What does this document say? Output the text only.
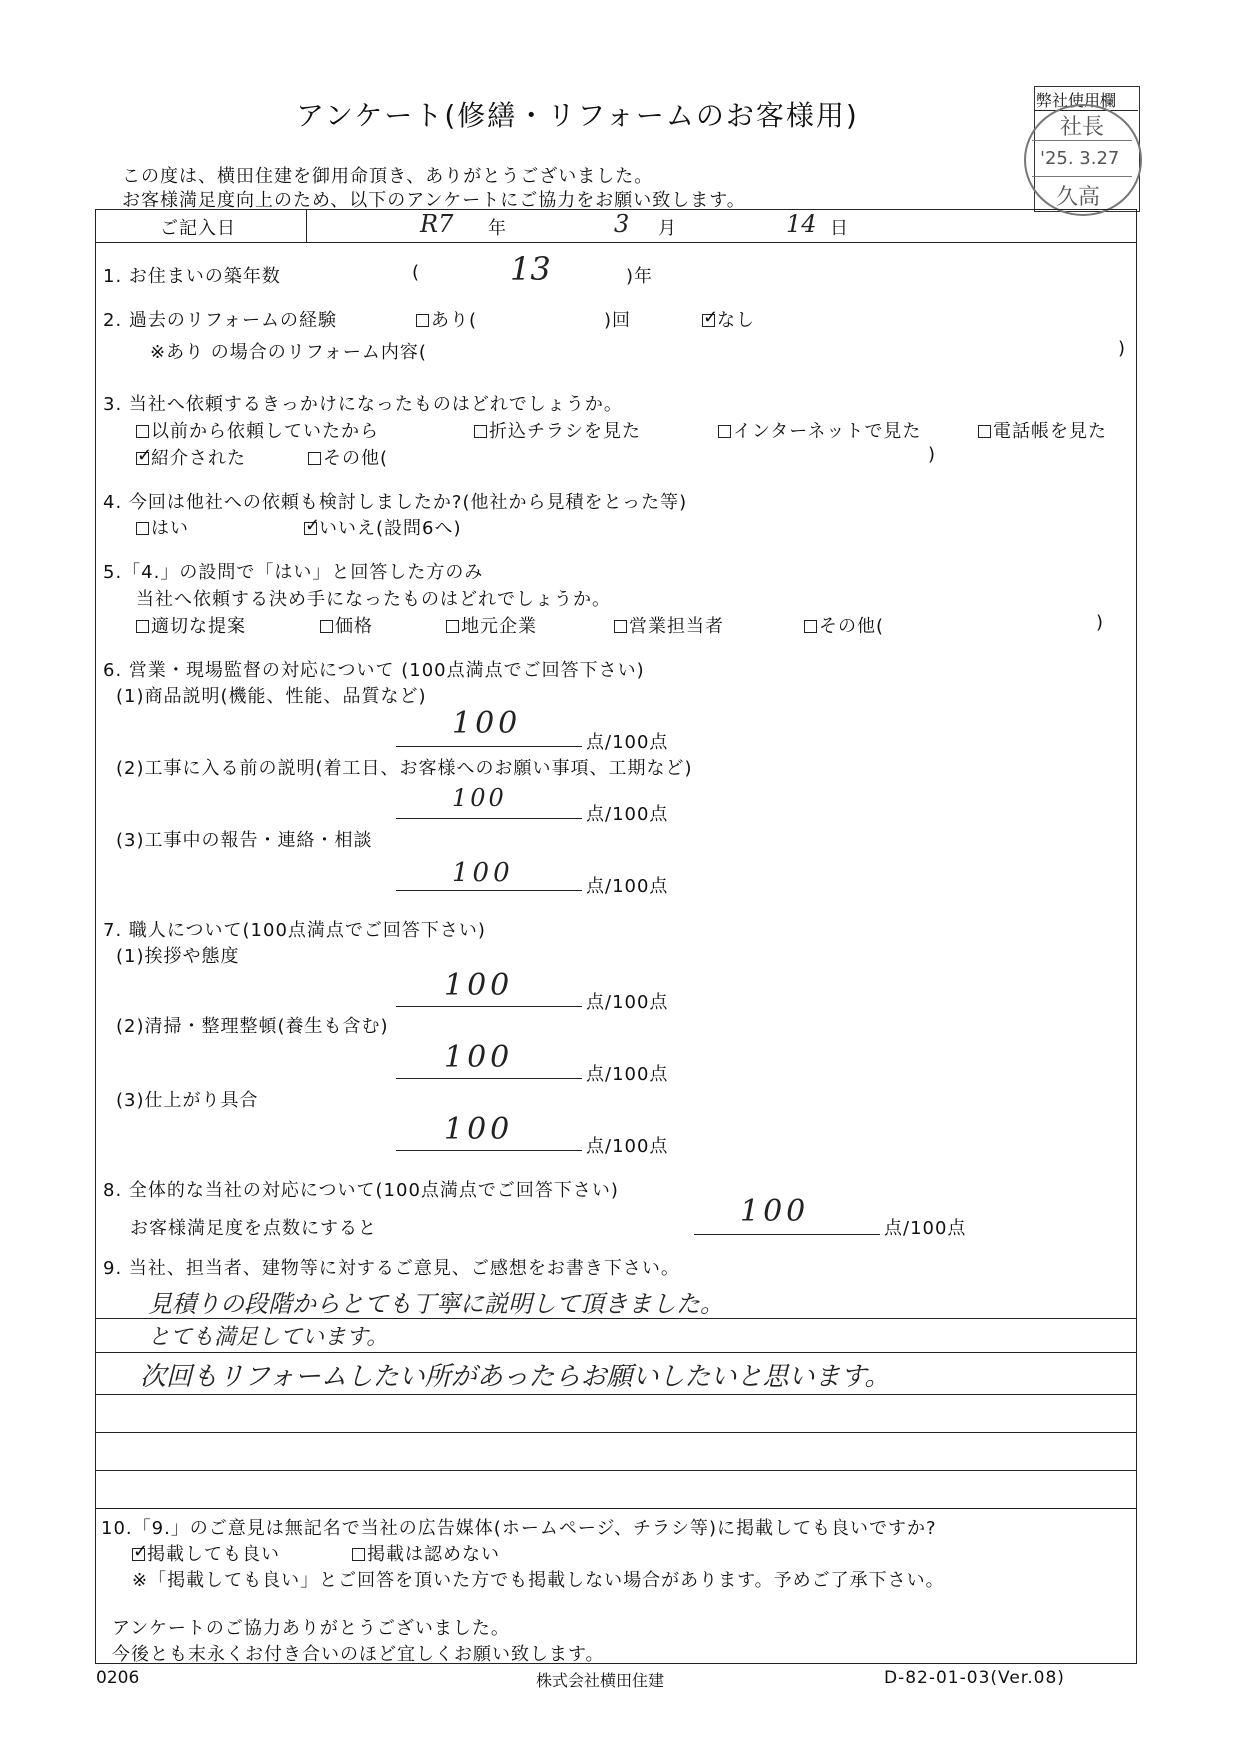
アンケート(修繕・リフォームのお客様用)	弊社使用欄
社長
'25. 3.27
久高
この度は、横田住建を御用命頂き、ありがとうございました。
お客様満足度向上のため、以下のアンケートにご協力をお願い致します。
ご記入日	R7 年	3 月	14 日
1. お住まいの築年数	(	13	)年
2. 過去のリフォームの経験	あり(	)回 ✓	なし
※あり の場合のリフォーム内容(	)
3. 当社へ依頼するきっかけになったものはどれでしょうか。
以前から依頼していたから	折込チラシを見た	インターネットで見た	電話帳を見た
✓紹介された	その他(	)
4. 今回は他社への依頼も検討しましたか?(他社から見積をとった等)
はい ✓	いいえ(設問6へ)
5.「4.」の設問で「はい」と回答した方のみ
当社へ依頼する決め手になったものはどれでしょうか。
適切な提案	価格	地元企業	営業担当者	その他(	)
6. 営業・現場監督の対応について (100点満点でご回答下さい)
(1)商品説明(機能、性能、品質など)
100
点/100点
(2)工事に入る前の説明(着工日、お客様へのお願い事項、工期など)
100
点/100点
(3)工事中の報告・連絡・相談
100	点/100点
7. 職人について(100点満点でご回答下さい)
(1)挨拶や態度
100	点/100点
(2)清掃・整理整頓(養生も含む)
100	点/100点
(3)仕上がり具合
100	点/100点
8. 全体的な当社の対応について(100点満点でご回答下さい)
お客様満足度を点数にすると	100	点/100点
9. 当社、担当者、建物等に対するご意見、ご感想をお書き下さい。
見積りの段階からとても丁寧に説明して頂きました。
とても満足しています。
次回もリフォームしたい所があったらお願いしたいと思います。
10.「9.」のご意見は無記名で当社の広告媒体(ホームページ、チラシ等)に掲載しても良いですか?
✓掲載しても良い	掲載は認めない
※「掲載しても良い」とご回答を頂いた方でも掲載しない場合があります。予めご了承下さい。
アンケートのご協力ありがとうございました。
今後とも末永くお付き合いのほど宜しくお願い致します。
0206	株式会社横田住建	D-82-01-03(Ver.08)
